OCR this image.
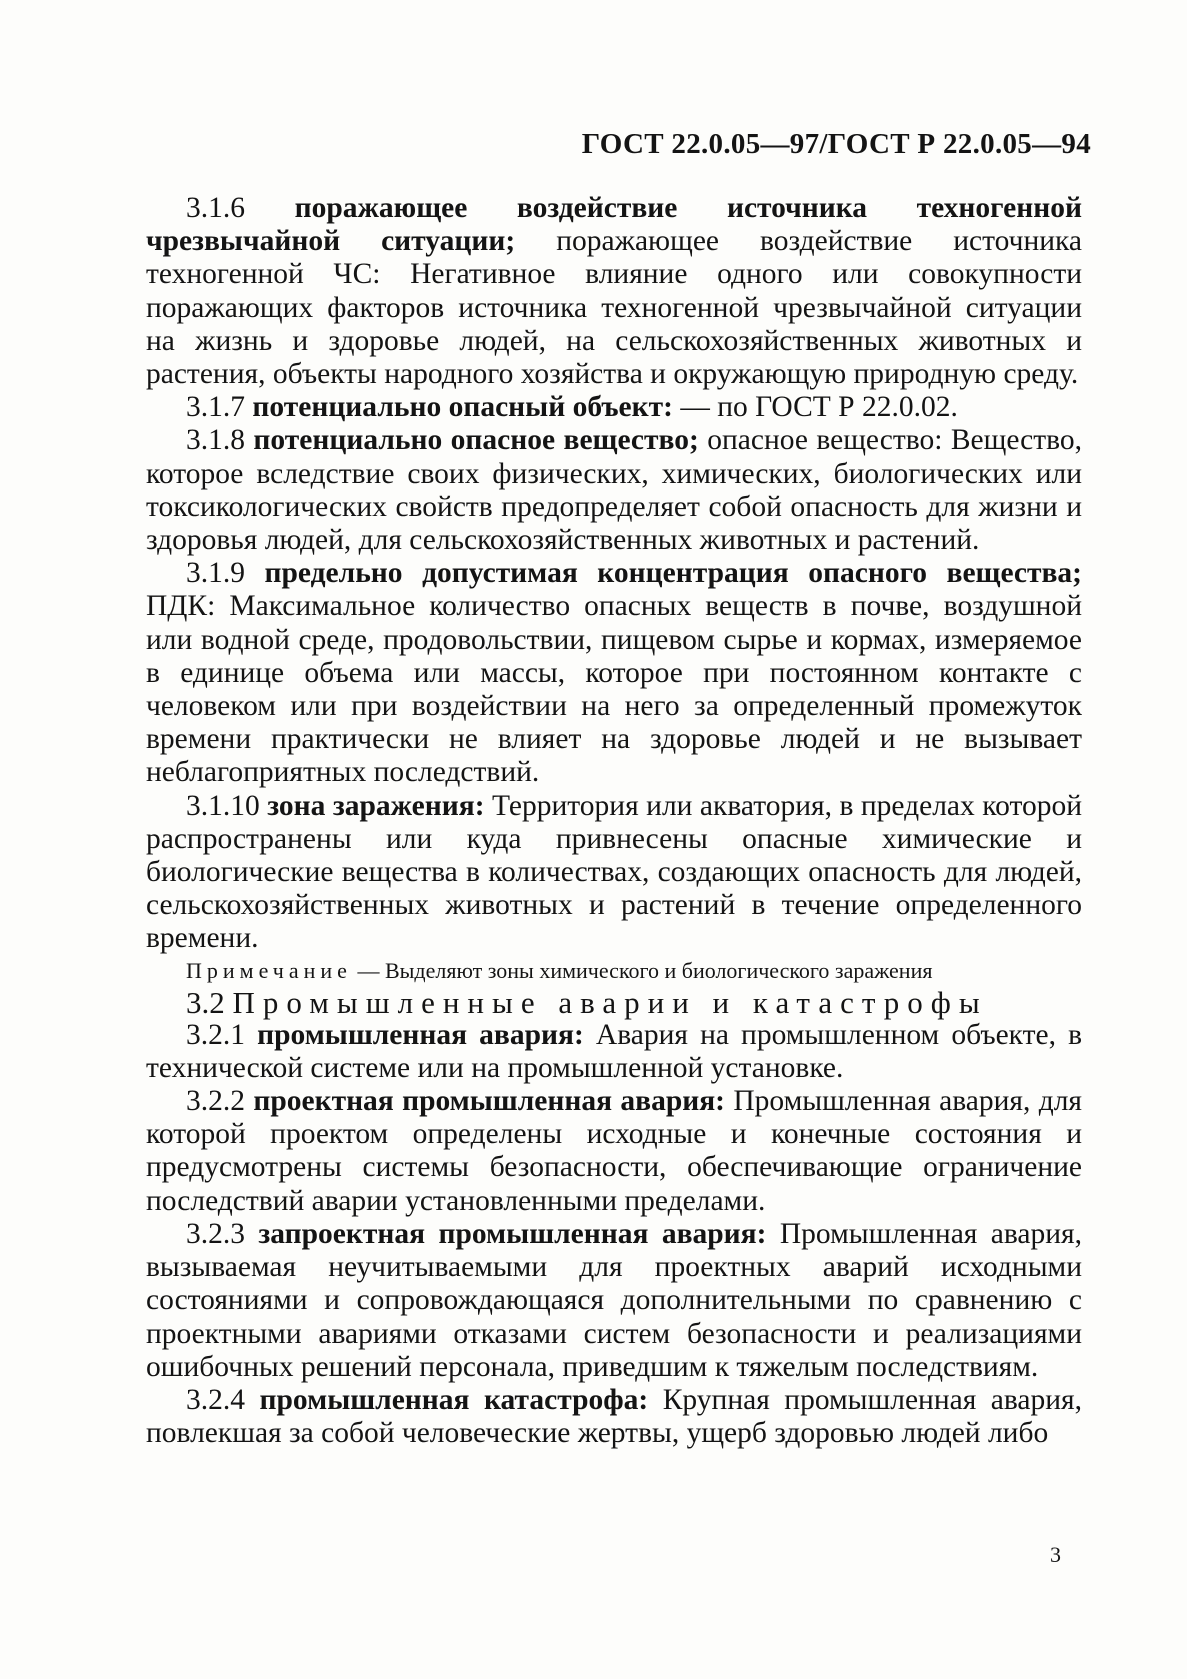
ГОСТ 22.0.05—97/ГОСТ Р 22.0.05—94

3.1.6 поражающее воздействие источника техногенной чрезвычайной ситуации; поражающее воздействие источника техногенной ЧС: Негативное влияние одного или совокупности поражающих факторов источника техногенной чрезвычайной ситуации на жизнь и здоровье людей, на сельскохозяйственных животных и растения, объекты народного хозяйства и окружающую природную среду.

3.1.7 потенциально опасный объект: — по ГОСТ Р 22.0.02.

3.1.8 потенциально опасное вещество; опасное вещество: Вещество, которое вследствие своих физических, химических, биологических или токсикологических свойств предопределяет собой опасность для жизни и здоровья людей, для сельскохозяйственных животных и растений.

3.1.9 предельно допустимая концентрация опасного вещества; ПДК: Максимальное количество опасных веществ в почве, воздушной или водной среде, продовольствии, пищевом сырье и кормах, измеряемое в единице объема или массы, которое при постоянном контакте с человеком или при воздействии на него за определенный промежуток времени практически не влияет на здоровье людей и не вызывает неблагоприятных последствий.

3.1.10 зона заражения: Территория или акватория, в пределах которой распространены или куда привнесены опасные химические и биологические вещества в количествах, создающих опасность для людей, сельскохозяйственных животных и растений в течение определенного времени.

Примечание — Выделяют зоны химического и биологического заражения

3.2 Промышленные аварии и катастрофы

3.2.1 промышленная авария: Авария на промышленном объекте, в технической системе или на промышленной установке.

3.2.2 проектная промышленная авария: Промышленная авария, для которой проектом определены исходные и конечные состояния и предусмотрены системы безопасности, обеспечивающие ограничение последствий аварии установленными пределами.

3.2.3 запроектная промышленная авария: Промышленная авария, вызываемая неучитываемыми для проектных аварий исходными состояниями и сопровождающаяся дополнительными по сравнению с проектными авариями отказами систем безопасности и реализациями ошибочных решений персонала, приведшим к тяжелым последствиям.

3.2.4 промышленная катастрофа: Крупная промышленная авария, повлекшая за собой человеческие жертвы, ущерб здоровью людей либо

3
